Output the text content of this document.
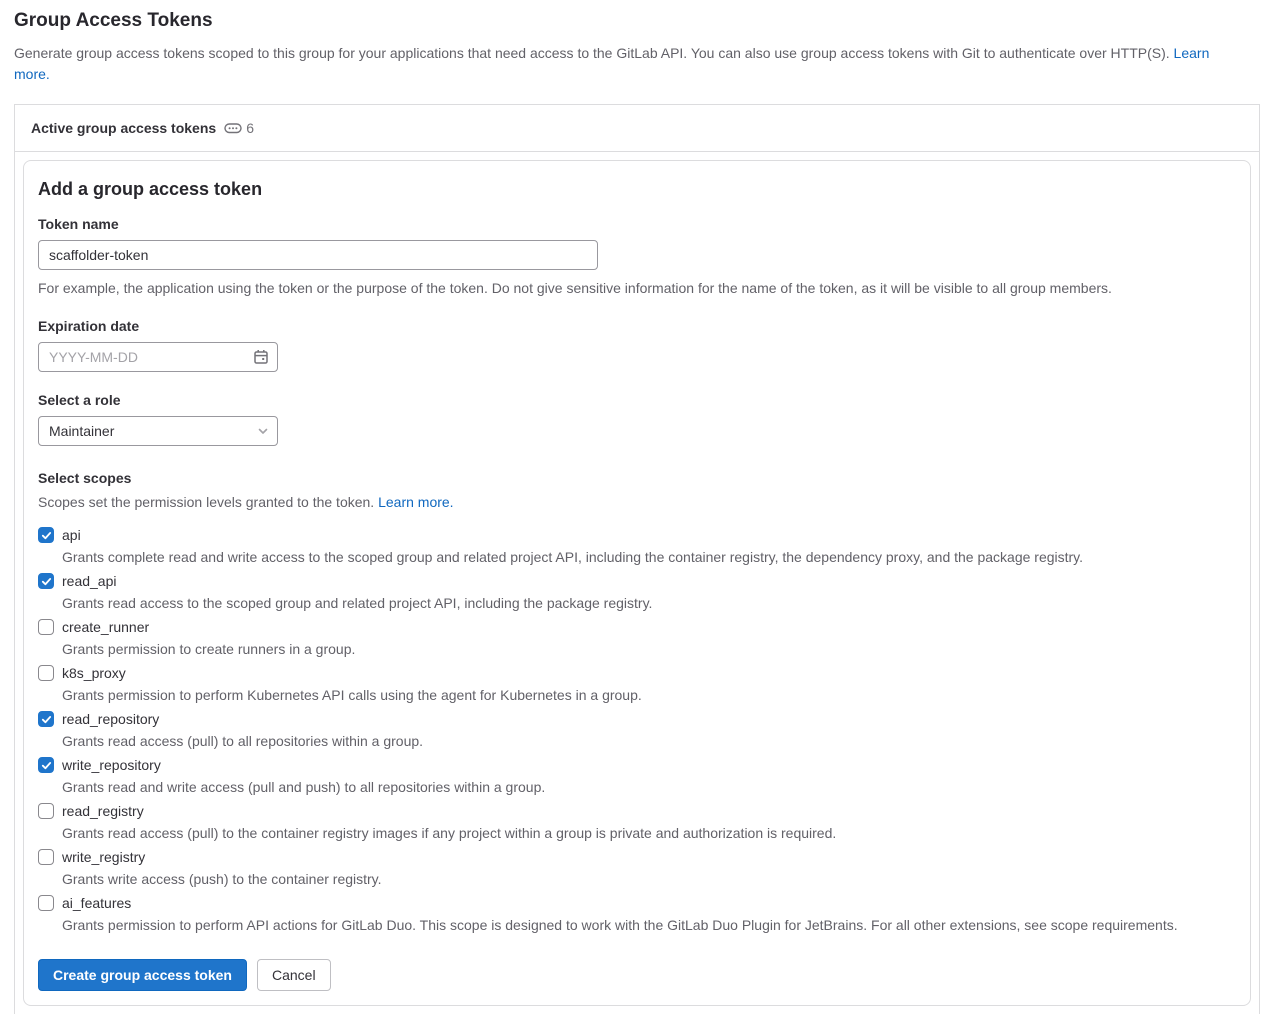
Group Access Tokens

Generate group access tokens scoped to this group for your applications that need access to the GitLab API. You can also use group access tokens with Git to authenticate over HTTP(S). Learn more.

Active group access tokens 6
Add a group access token
Token name
scaffolder-token

For example, the application using the token or the purpose of the token. Do not give sensitive information for the name of the token, as it will be visible to all group members.

Expiration date
YYYY-MM-DD
Select a role
Maintainer
Select scopes

Scopes set the permission levels granted to the token. Learn more.

api

Grants complete read and write access to the scoped group and related project API, including the container registry, the dependency proxy, and the package registry.

read_api

Grants read access to the scoped group and related project API, including the package registry.

create_runner

Grants permission to create runners in a group.

k8s_proxy

Grants permission to perform Kubernetes API calls using the agent for Kubernetes in a group.

read_repository

Grants read access (pull) to all repositories within a group.

write_repository

Grants read and write access (pull and push) to all repositories within a group.

read_registry

Grants read access (pull) to the container registry images if any project within a group is private and authorization is required.

write_registry

Grants write access (push) to the container registry.

ai_features

Grants permission to perform API actions for GitLab Duo. This scope is designed to work with the GitLab Duo Plugin for JetBrains. For all other extensions, see scope requirements.

Create group access token	Cancel
